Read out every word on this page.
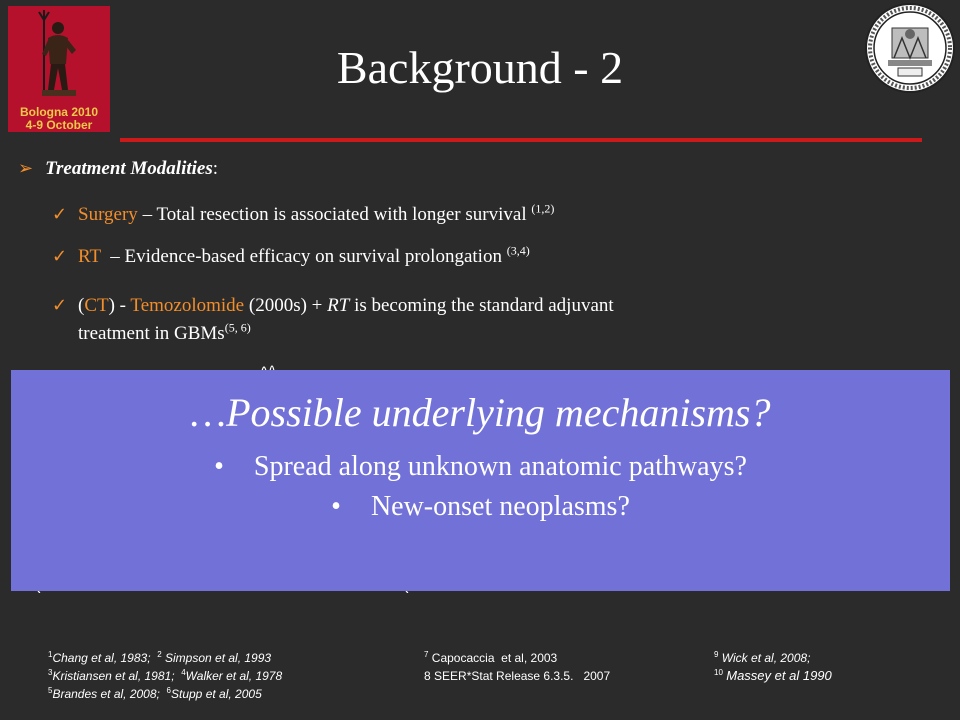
Bologna 2010
4-9 October
Background - 2
➢ Treatment Modalities:
✓ Surgery – Total resection is associated with longer survival $^{(1,2)}$
✓ RT – Evidence-based efficacy on survival prolongation $^{(3,4)}$
✓ (CT) - Temozolomide (2000s) + RT is becoming the standard adjuvant
treatment in GBMs$^{(5, 6)}$
…Possible underlying mechanisms?
• Spread along unknown anatomic pathways?
• New-onset neoplasms?
$^1$Chang et al, 1983; $^2$ Simpson et al, 1993
$^3$Kristiansen et al, 1981; $^4$Walker et al, 1978
$^5$Brandes et al, 2008; $^6$Stupp et al, 2005
$^7$ Capocaccia  et al, 2003
8 SEER*Stat Release 6.3.5.   2007
$^9$ Wick et al, 2008;
$^{10}$ Massey et al 1990
